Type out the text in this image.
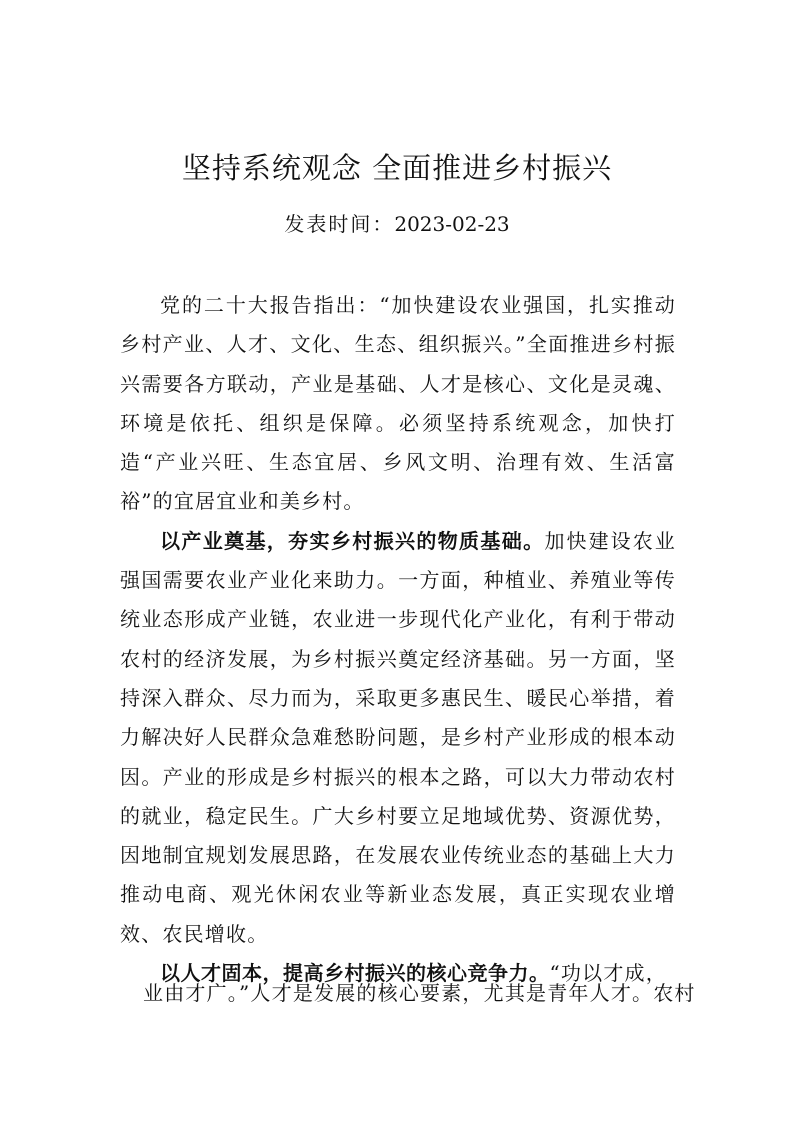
坚持系统观念 全面推进乡村振兴
发表时间：2023-02-23

党的二十大报告指出：“加快建设农业强国，扎实推动乡村产业、人才、文化、生态、组织振兴。”全面推进乡村振兴需要各方联动，产业是基础、人才是核心、文化是灵魂、环境是依托、组织是保障。必须坚持系统观念，加快打造“产业兴旺、生态宜居、乡风文明、治理有效、生活富裕”的宜居宜业和美乡村。

以产业奠基，夯实乡村振兴的物质基础。加快建设农业强国需要农业产业化来助力。一方面，种植业、养殖业等传统业态形成产业链，农业进一步现代化产业化，有利于带动农村的经济发展，为乡村振兴奠定经济基础。另一方面，坚持深入群众、尽力而为，采取更多惠民生、暖民心举措，着力解决好人民群众急难愁盼问题，是乡村产业形成的根本动因。产业的形成是乡村振兴的根本之路，可以大力带动农村的就业，稳定民生。广大乡村要立足地域优势、资源优势， 因地制宜规划发展思路，在发展农业传统业态的基础上大力推动电商、观光休闲农业等新业态发展，真正实现农业增效、农民增收。

以人才固本，提高乡村振兴的核心竞争力。“功以才成，

业由才广。”人才是发展的核心要素，尤其是青年人才。农村
